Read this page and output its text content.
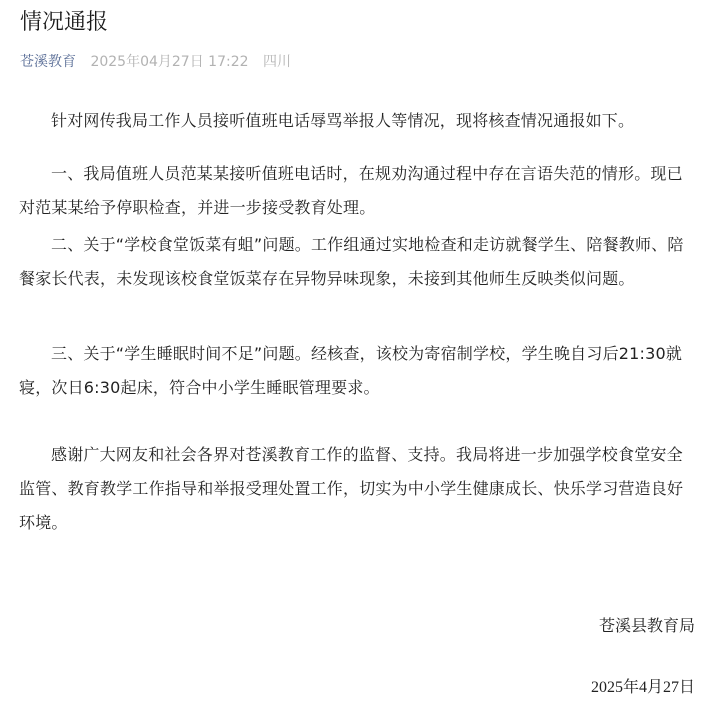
情况通报
苍溪教育 2025年04月27日 17:22 四川

针对网传我局工作人员接听值班电话辱骂举报人等情况，现将核查情况通报如下。

一、我局值班人员范某某接听值班电话时，在规劝沟通过程中存在言语失范的情形。现已对范某某给予停职检查，并进一步接受教育处理。

二、关于“学校食堂饭菜有蛆”问题。工作组通过实地检查和走访就餐学生、陪餐教师、陪餐家长代表，未发现该校食堂饭菜存在异物异味现象，未接到其他师生反映类似问题。

三、关于“学生睡眠时间不足”问题。经核查，该校为寄宿制学校，学生晚自习后21:30就寝，次日6:30起床，符合中小学生睡眠管理要求。

感谢广大网友和社会各界对苍溪教育工作的监督、支持。我局将进一步加强学校食堂安全监管、教育教学工作指导和举报受理处置工作，切实为中小学生健康成长、快乐学习营造良好环境。

苍溪县教育局
2025年4月27日
